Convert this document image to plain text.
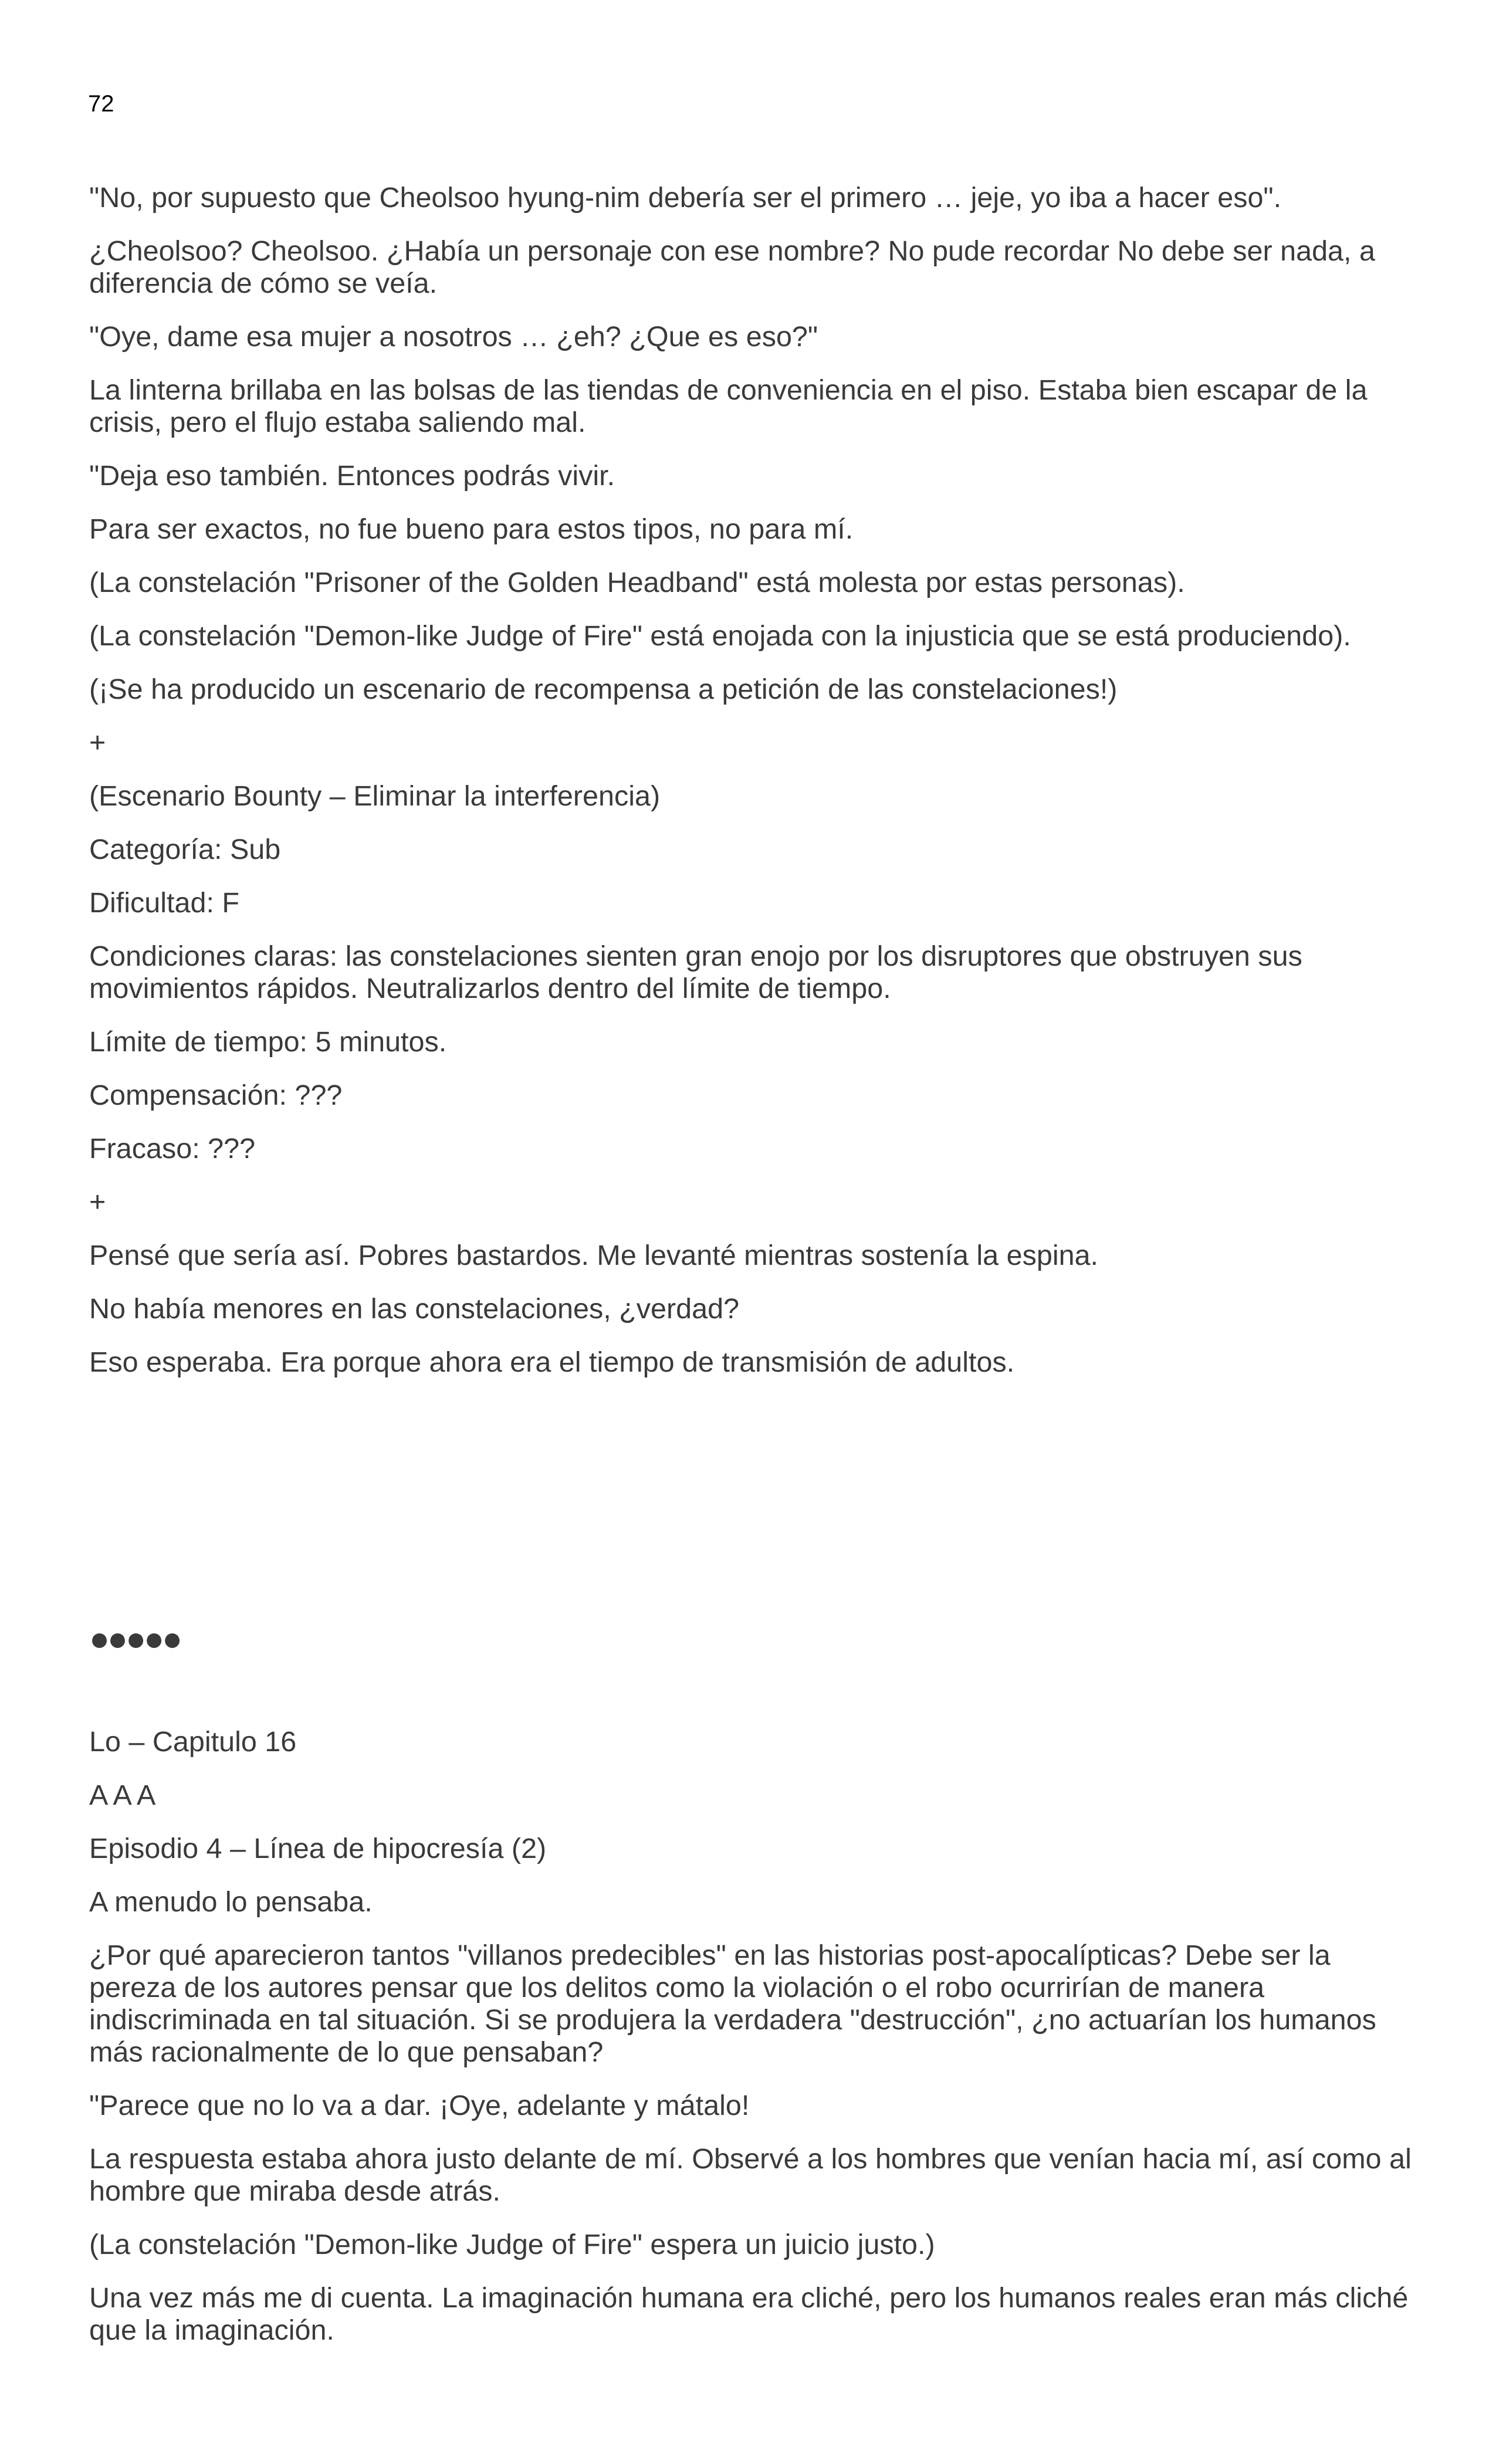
72

"No, por supuesto que Cheolsoo hyung-nim debería ser el primero … jeje, yo iba a hacer eso".

¿Cheolsoo? Cheolsoo. ¿Había un personaje con ese nombre? No pude recordar No debe ser nada, a diferencia de cómo se veía.

"Oye, dame esa mujer a nosotros … ¿eh? ¿Que es eso?"

La linterna brillaba en las bolsas de las tiendas de conveniencia en el piso. Estaba bien escapar de la crisis, pero el flujo estaba saliendo mal.

"Deja eso también. Entonces podrás vivir.

Para ser exactos, no fue bueno para estos tipos, no para mí.

(La constelación "Prisoner of the Golden Headband" está molesta por estas personas).

(La constelación "Demon-like Judge of Fire" está enojada con la injusticia que se está produciendo).

(¡Se ha producido un escenario de recompensa a petición de las constelaciones!)

+

(Escenario Bounty – Eliminar la interferencia)

Categoría: Sub

Dificultad: F

Condiciones claras: las constelaciones sienten gran enojo por los disruptores que obstruyen sus movimientos rápidos. Neutralizarlos dentro del límite de tiempo.

Límite de tiempo: 5 minutos.

Compensación: ???

Fracaso: ???

+

Pensé que sería así. Pobres bastardos. Me levanté mientras sostenía la espina.

No había menores en las constelaciones, ¿verdad?

Eso esperaba. Era porque ahora era el tiempo de transmisión de adultos.

●●●●●

Lo – Capitulo 16

A A A

Episodio 4 – Línea de hipocresía (2)

A menudo lo pensaba.

¿Por qué aparecieron tantos "villanos predecibles" en las historias post-apocalípticas? Debe ser la pereza de los autores pensar que los delitos como la violación o el robo ocurrirían de manera indiscriminada en tal situación. Si se produjera la verdadera "destrucción", ¿no actuarían los humanos más racionalmente de lo que pensaban?

"Parece que no lo va a dar. ¡Oye, adelante y mátalo!

La respuesta estaba ahora justo delante de mí. Observé a los hombres que venían hacia mí, así como al hombre que miraba desde atrás.

(La constelación "Demon-like Judge of Fire" espera un juicio justo.)

Una vez más me di cuenta. La imaginación humana era cliché, pero los humanos reales eran más cliché que la imaginación.
